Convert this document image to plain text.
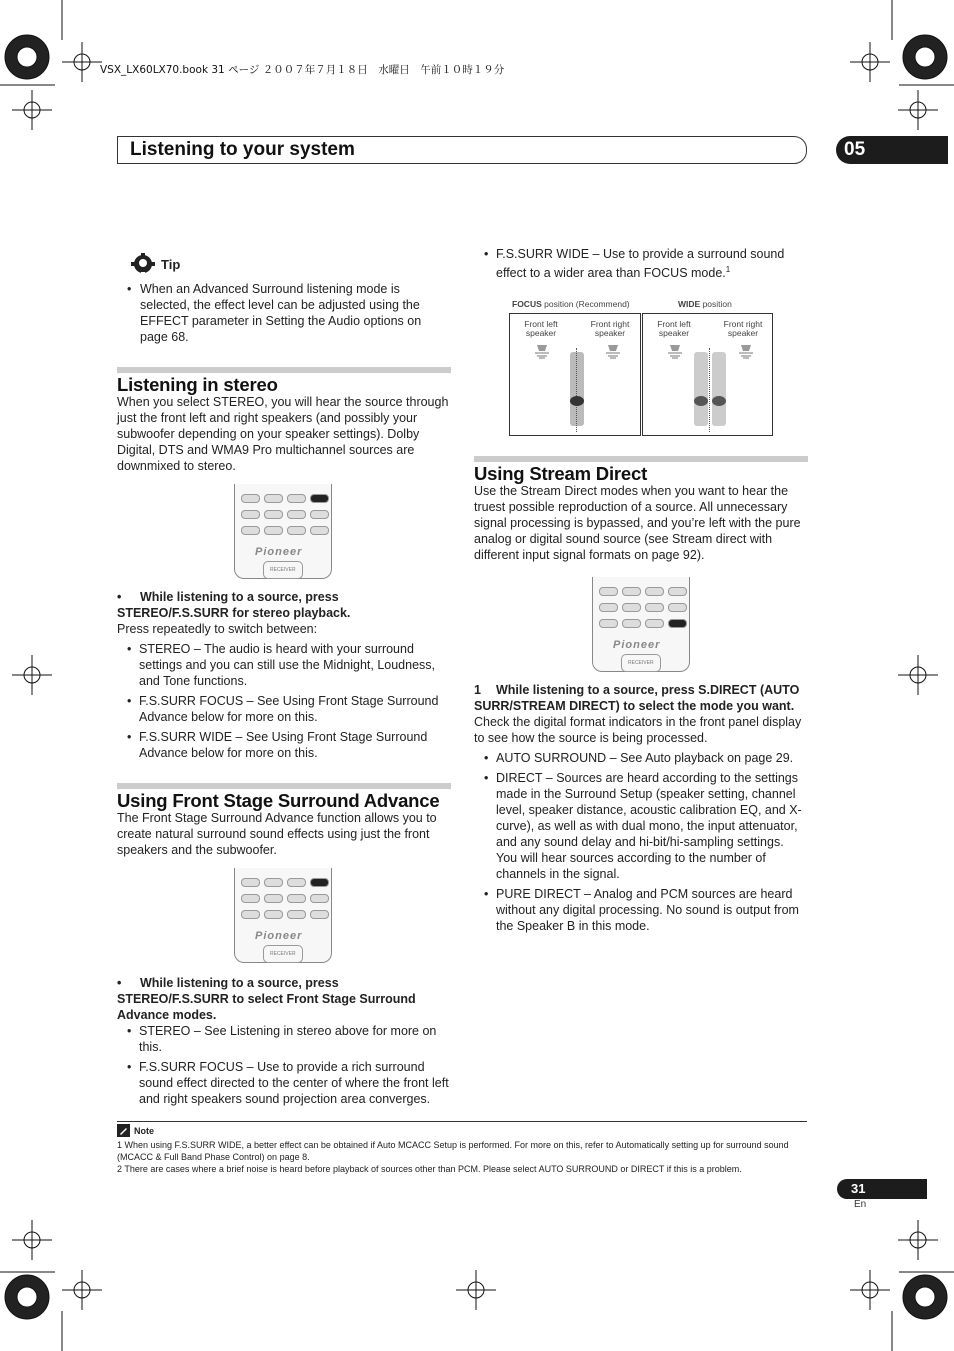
VSX_LX60LX70.book 31 ページ ２００７年７月１８日　水曜日　午前１０時１９分
Listening to your system	05
Tip
• When an Advanced Surround listening mode is selected, the effect level can be adjusted using the EFFECT parameter in Setting the Audio options on page 68.
Listening in stereo

When you select STEREO, you will hear the source through just the front left and right speakers (and possibly your subwoofer depending on your speaker settings). Dolby Digital, DTS and WMA9 Pro multichannel sources are downmixed to stereo.

Pioneer
RECEIVER

• While listening to a source, press STEREO/F.S.SURR for stereo playback.

Press repeatedly to switch between:

• STEREO – The audio is heard with your surround settings and you can still use the Midnight, Loudness, and Tone functions.
• F.S.SURR FOCUS – See Using Front Stage Surround Advance below for more on this.
• F.S.SURR WIDE – See Using Front Stage Surround Advance below for more on this.
Using Front Stage Surround Advance

The Front Stage Surround Advance function allows you to create natural surround sound effects using just the front speakers and the subwoofer.

Pioneer
RECEIVER

• While listening to a source, press STEREO/F.S.SURR to select Front Stage Surround Advance modes.

• STEREO – See Listening in stereo above for more on this.
• F.S.SURR FOCUS – Use to provide a rich surround sound effect directed to the center of where the front left and right speakers sound projection area converges.
• F.S.SURR WIDE – Use to provide a surround sound effect to a wider area than FOCUS mode.$^1$
FOCUS position (Recommend)	WIDE position
Front left speaker
Front right speaker
Front left speaker
Front right speaker
Using Stream Direct

Use the Stream Direct modes when you want to hear the truest possible reproduction of a source. All unnecessary signal processing is bypassed, and you’re left with the pure analog or digital sound source (see Stream direct with different input signal formats on page 92).

Pioneer
RECEIVER

1 While listening to a source, press S.DIRECT (AUTO SURR/STREAM DIRECT) to select the mode you want.

Check the digital format indicators in the front panel display to see how the source is being processed.

• AUTO SURROUND – See Auto playback on page 29.
• DIRECT – Sources are heard according to the settings made in the Surround Setup (speaker setting, channel level, speaker distance, acoustic calibration EQ, and X-curve), as well as with dual mono, the input attenuator, and any sound delay and hi-bit/hi-sampling settings. You will hear sources according to the number of channels in the signal.
• PURE DIRECT – Analog and PCM sources are heard without any digital processing. No sound is output from the Speaker B in this mode.
Note

1 When using F.S.SURR WIDE, a better effect can be obtained if Auto MCACC Setup is performed. For more on this, refer to Automatically setting up for surround sound (MCACC & Full Band Phase Control) on page 8.

2 There are cases where a brief noise is heard before playback of sources other than PCM. Please select AUTO SURROUND or DIRECT if this is a problem.

31
En
